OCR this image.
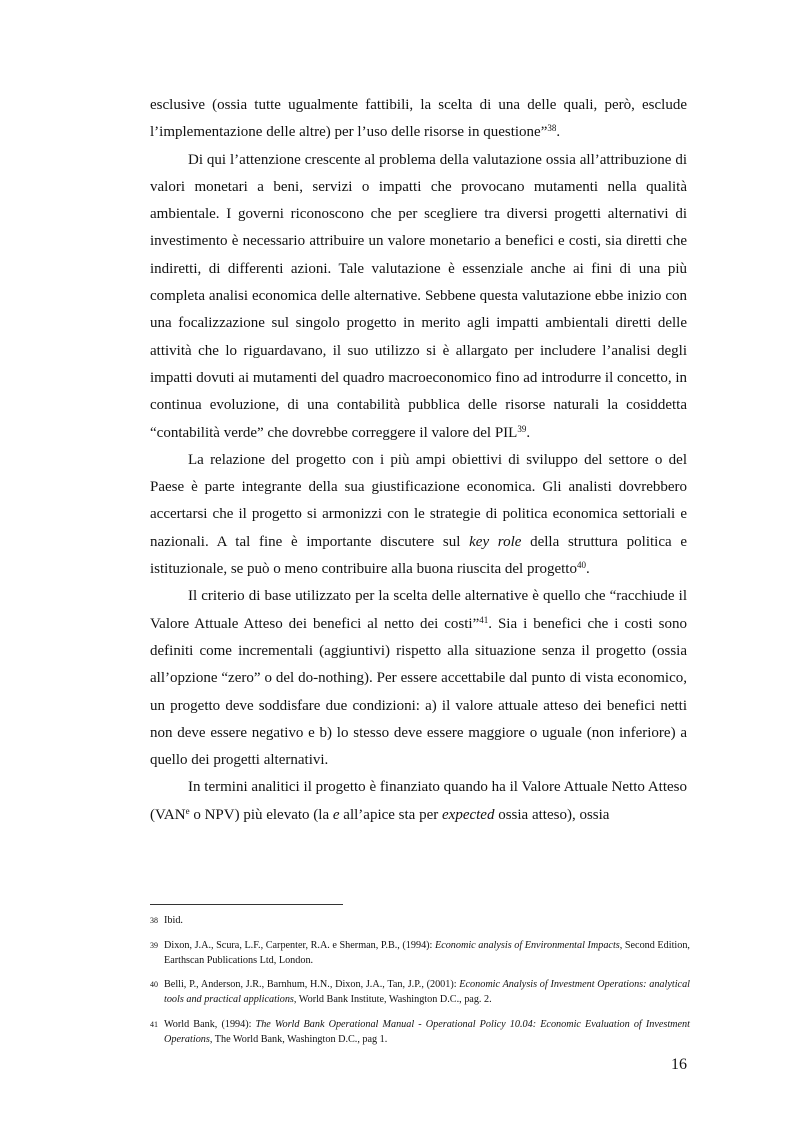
esclusive (ossia tutte ugualmente fattibili, la scelta di una delle quali, però, esclude l’implementazione delle altre) per l’uso delle risorse in questione”$^{38}$.

Di qui l’attenzione crescente al problema della valutazione ossia all’attribuzione di valori monetari a beni, servizi o impatti che provocano mutamenti nella qualità ambientale. I governi riconoscono che per scegliere tra diversi progetti alternativi di investimento è necessario attribuire un valore monetario a benefici e costi, sia diretti che indiretti, di differenti azioni. Tale valutazione è essenziale anche ai fini di una più completa analisi economica delle alternative. Sebbene questa valutazione ebbe inizio con una focalizzazione sul singolo progetto in merito agli impatti ambientali diretti delle attività che lo riguardavano, il suo utilizzo si è allargato per includere l’analisi degli impatti dovuti ai mutamenti del quadro macroeconomico fino ad introdurre il concetto, in continua evoluzione, di una contabilità pubblica delle risorse naturali la cosiddetta “contabilità verde” che dovrebbe correggere il valore del PIL$^{39}$.

La relazione del progetto con i più ampi obiettivi di sviluppo del settore o del Paese è parte integrante della sua giustificazione economica. Gli analisti dovrebbero accertarsi che il progetto si armonizzi con le strategie di politica economica settoriali e nazionali. A tal fine è importante discutere sul key role della struttura politica e istituzionale, se può o meno contribuire alla buona riuscita del progetto$^{40}$.

Il criterio di base utilizzato per la scelta delle alternative è quello che “racchiude il Valore Attuale Atteso dei benefici al netto dei costi”$^{41}$. Sia i benefici che i costi sono definiti come incrementali (aggiuntivi) rispetto alla situazione senza il progetto (ossia all’opzione “zero” o del do-nothing). Per essere accettabile dal punto di vista economico, un progetto deve soddisfare due condizioni: a) il valore attuale atteso dei benefici netti non deve essere negativo e b) lo stesso deve essere maggiore o uguale (non inferiore) a quello dei progetti alternativi.

In termini analitici il progetto è finanziato quando ha il Valore Attuale Netto Atteso (VAN$^e$ o NPV) più elevato (la e all’apice sta per expected ossia atteso), ossia

38 Ibid.
39 Dixon, J.A., Scura, L.F., Carpenter, R.A. e Sherman, P.B., (1994): Economic analysis of Environmental Impacts, Second Edition, Earthscan Publications Ltd, London.
40 Belli, P., Anderson, J.R., Barnhum, H.N., Dixon, J.A., Tan, J.P., (2001): Economic Analysis of Investment Operations: analytical tools and practical applications, World Bank Institute, Washington D.C., pag. 2.
41 World Bank, (1994): The World Bank Operational Manual - Operational Policy 10.04: Economic Evaluation of Investment Operations, The World Bank, Washington D.C., pag 1.
16
